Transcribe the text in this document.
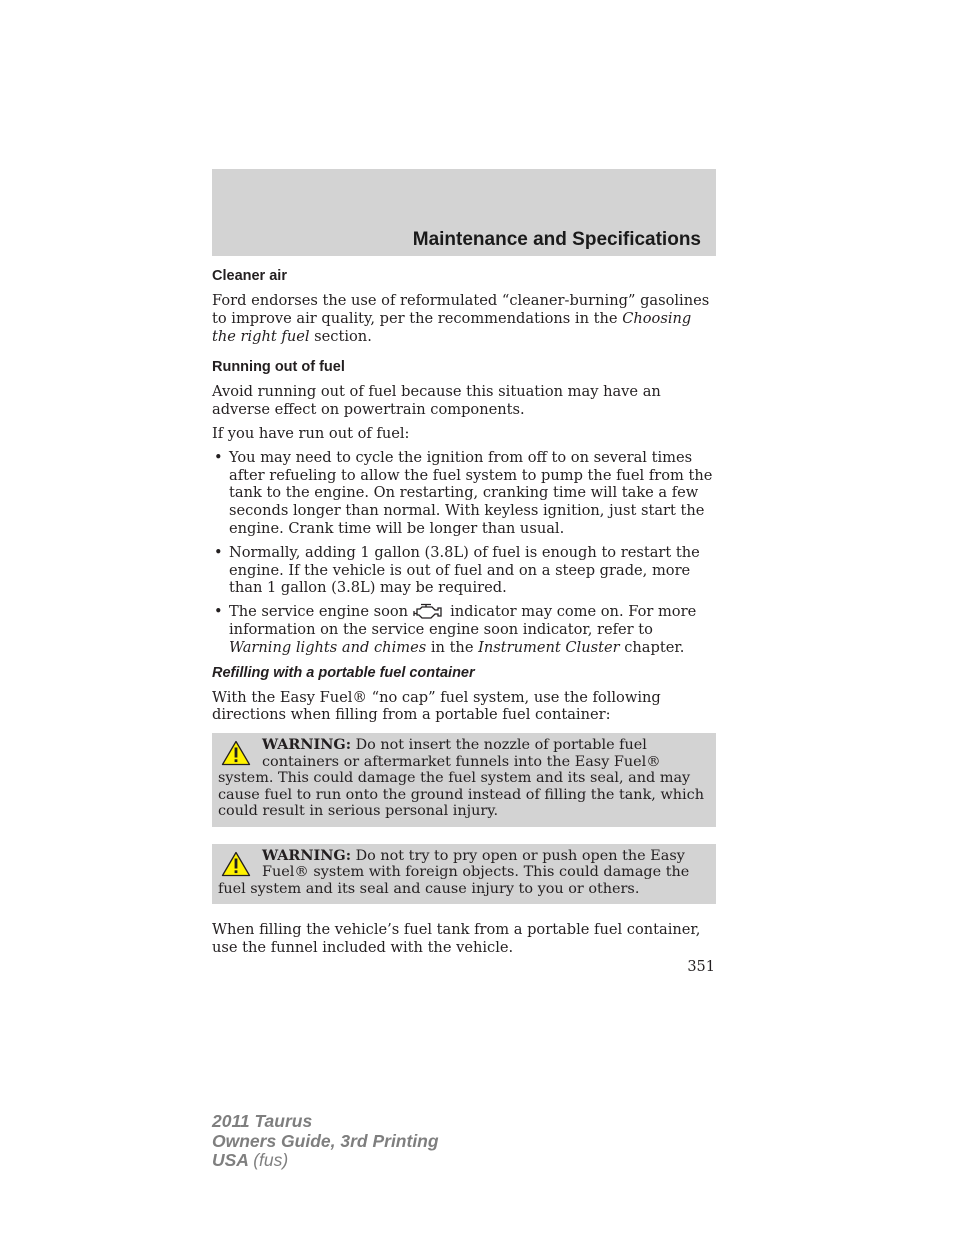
Maintenance and Specifications
Cleaner air

Ford endorses the use of reformulated “cleaner-burning” gasolines to improve air quality, per the recommendations in the Choosing the right fuel section.

Running out of fuel

Avoid running out of fuel because this situation may have an adverse effect on powertrain components.

If you have run out of fuel:

• You may need to cycle the ignition from off to on several times after refueling to allow the fuel system to pump the fuel from the tank to the engine. On restarting, cranking time will take a few seconds longer than normal. With keyless ignition, just start the engine. Crank time will be longer than usual.
• Normally, adding 1 gallon (3.8L) of fuel is enough to restart the engine. If the vehicle is out of fuel and on a steep grade, more than 1 gallon (3.8L) may be required.
• The service engine soon	indicator may come on. For more information on the service engine soon indicator, refer to Warning lights and chimes in the Instrument Cluster chapter.
Refilling with a portable fuel container

With the Easy Fuel® “no cap” fuel system, use the following directions when filling from a portable fuel container:

WARNING: Do not insert the nozzle of portable fuel containers or aftermarket funnels into the Easy Fuel® system. This could damage the fuel system and its seal, and may cause fuel to run onto the ground instead of filling the tank, which could result in serious personal injury.
WARNING: Do not try to pry open or push open the Easy Fuel® system with foreign objects. This could damage the fuel system and its seal and cause injury to you or others.

When filling the vehicle’s fuel tank from a portable fuel container, use the funnel included with the vehicle.

351
2011 Taurus
Owners Guide, 3rd Printing
USA (fus)
